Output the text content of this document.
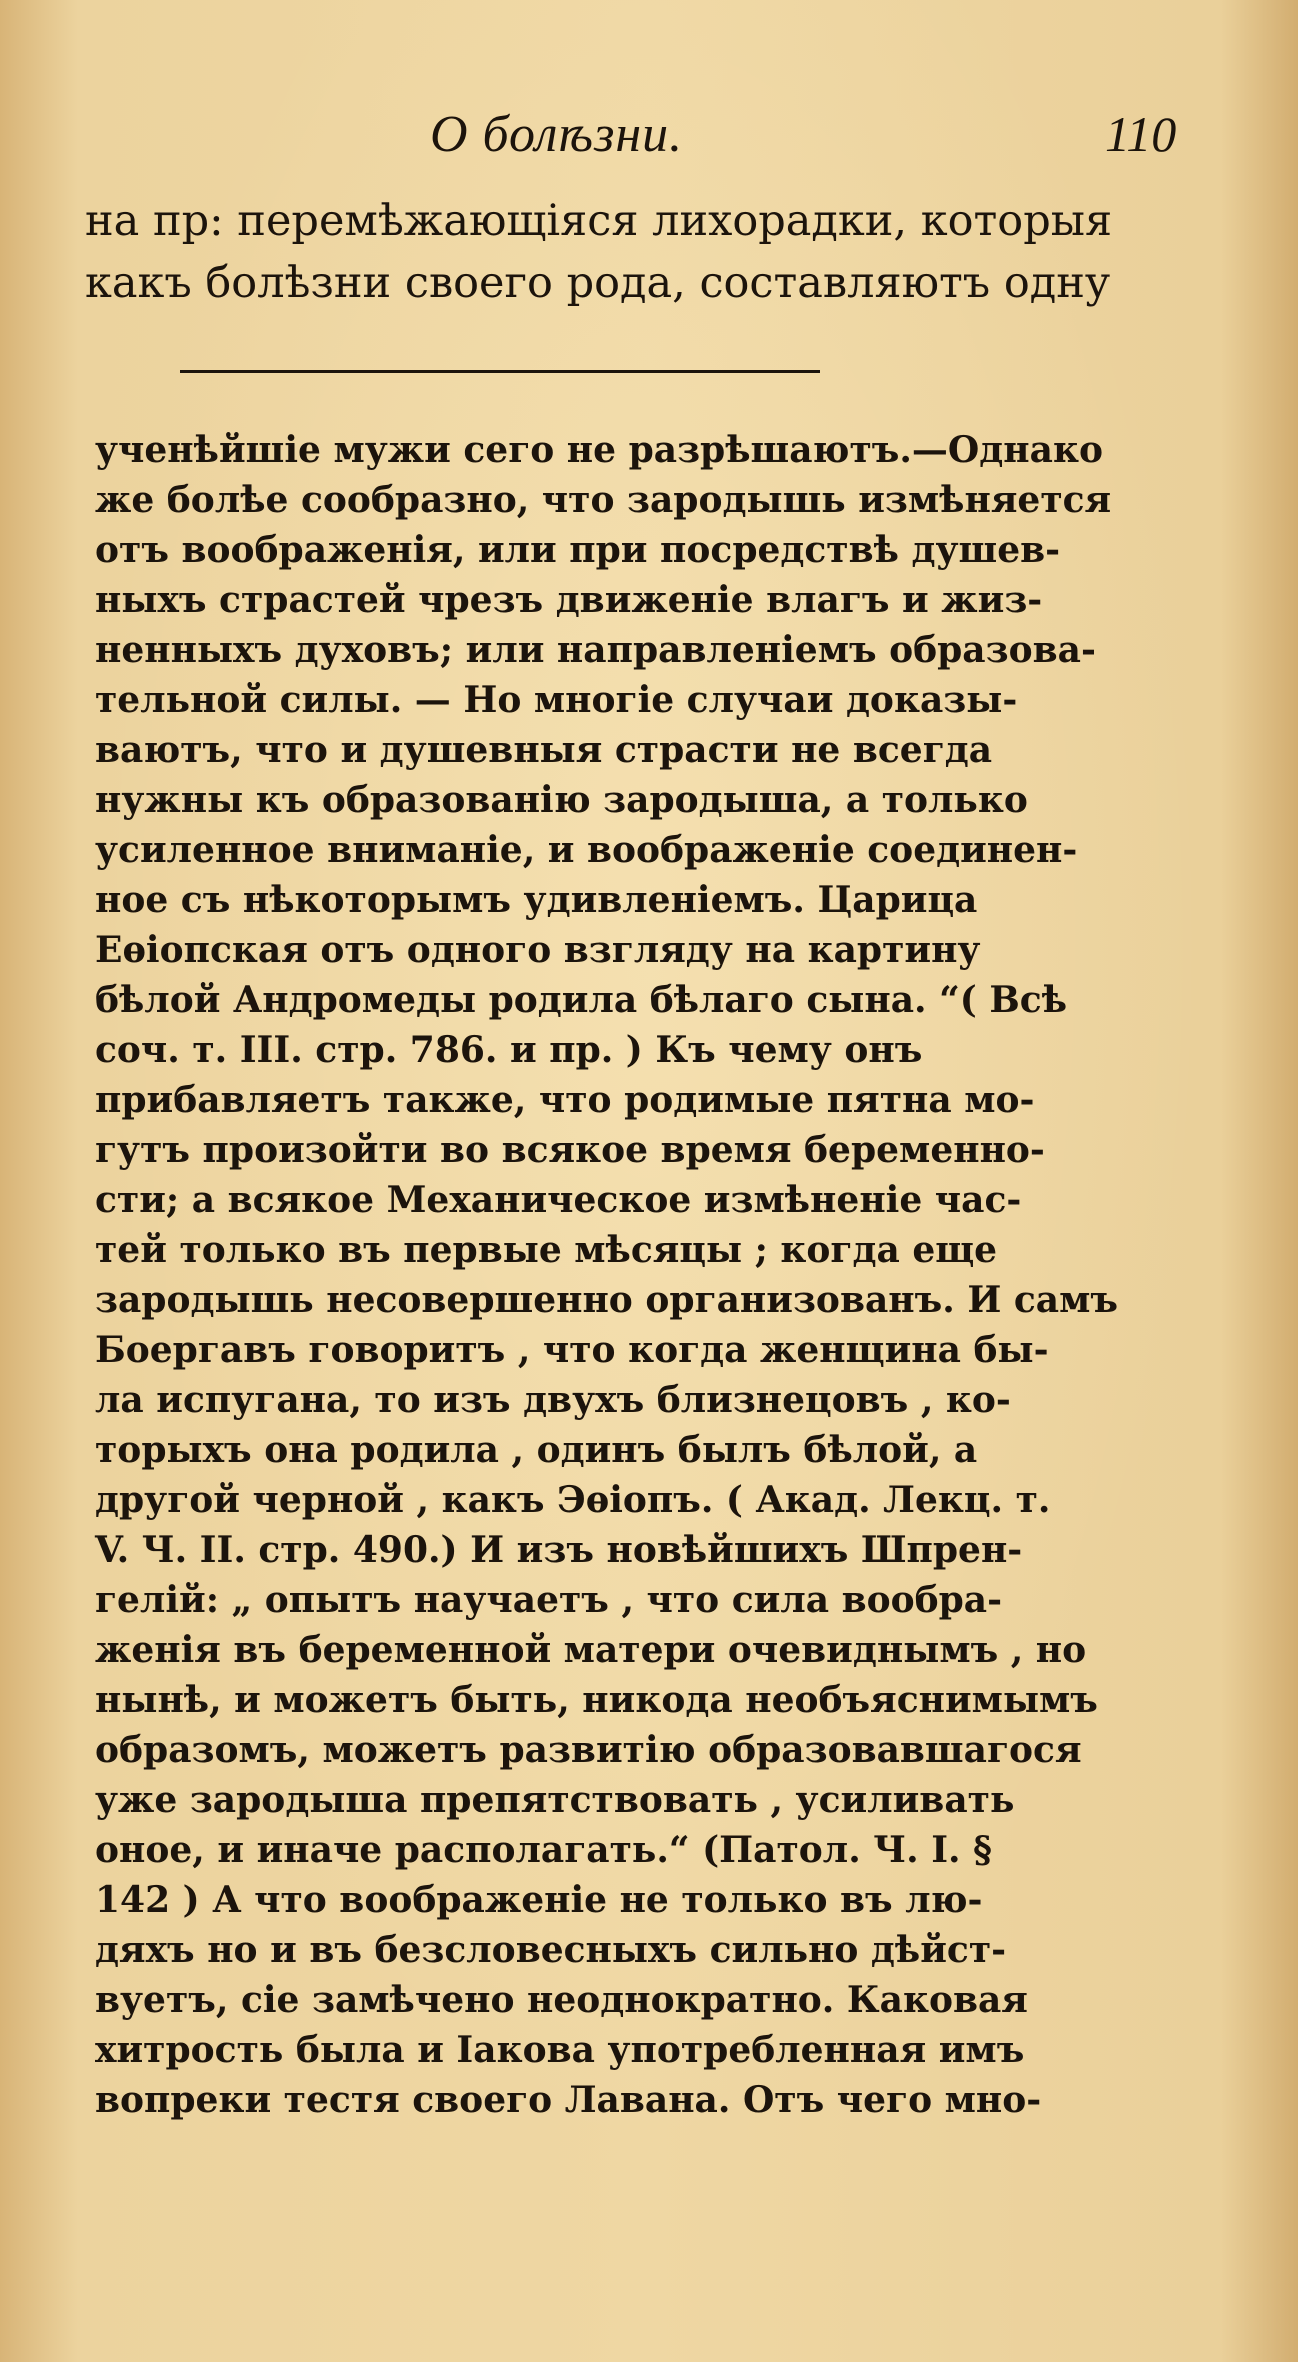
О болѣзни.	110
на пр: перемѣжающіяся лихорадки, которыя
какъ болѣзни своего рода, составляютъ одну
ученѣйшіе мужи сего не разрѣшаютъ.—Однако
же болѣе сообразно, что зародышь измѣняется
отъ воображенія, или при посредствѣ душев-
ныхъ страстей чрезъ движеніе влагъ и жиз-
ненныхъ духовъ; или направленіемъ образова-
тельной силы. — Но многіе случаи доказы-
ваютъ, что и душевныя страсти не всегда
нужны къ образованію зародыша, а только
усиленное вниманіе, и воображеніе соединен-
ное съ нѣкоторымъ удивленіемъ. Царица
Еѳіопская отъ одного взгляду на картину
бѣлой Андромеды родила бѣлаго сына. “( Всѣ
соч. т. III. стр. 786. и пр. ) Къ чему онъ
прибавляетъ также, что родимые пятна мо-
гутъ произойти во всякое время беременно-
сти; а всякое Механическое измѣненіе час-
тей только въ первые мѣсяцы ; когда еще
зародышь несовершенно организованъ. И самъ
Боергавъ говоритъ , что когда женщина бы-
ла испугана, то изъ двухъ близнецовъ , ко-
торыхъ она родила , одинъ былъ бѣлой, а
другой черной , какъ Эѳіопъ. ( Акад. Лекц. т.
V. Ч. II. стр. 490.) И изъ новѣйшихъ Шпрен-
гелій: „ опытъ научаетъ , что сила вообра-
женія въ беременной матери очевиднымъ , но
нынѣ, и можетъ быть, никода необъяснимымъ
образомъ, можетъ развитію образовавшагося
уже зародыша препятствовать , усиливать
оное, и иначе располагать.“ (Патол. Ч. I. §
142 ) А что воображеніе не только въ лю-
дяхъ но и въ безсловесныхъ сильно дѣйст-
вуетъ, сіе замѣчено неоднократно. Каковая
хитрость была и Іакова употребленная имъ
вопреки тестя своего Лавана. Отъ чего мно-
